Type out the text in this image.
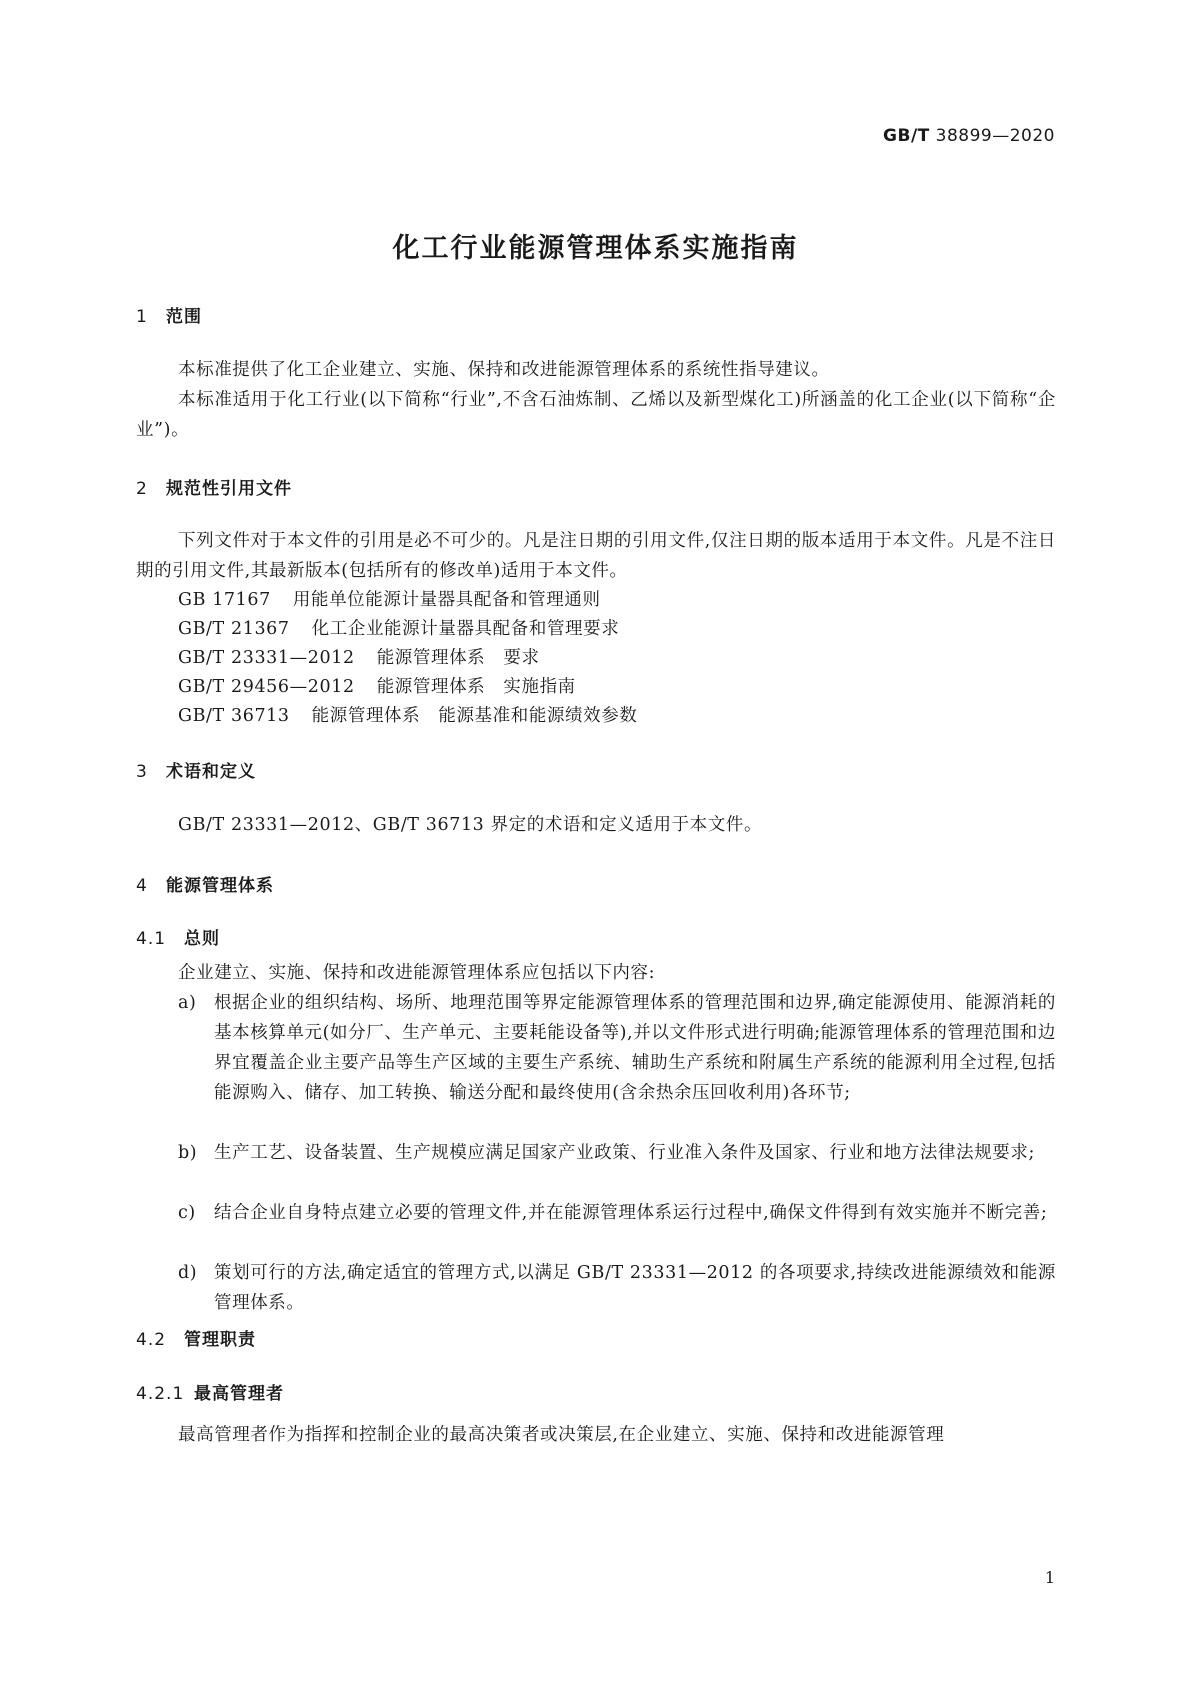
GB/T 38899—2020
化工行业能源管理体系实施指南
1 范围
本标准提供了化工企业建立、实施、保持和改进能源管理体系的系统性指导建议。
本标准适用于化工行业(以下简称“行业”,不含石油炼制、乙烯以及新型煤化工)所涵盖的化工企业(以下简称“企业”)。
2 规范性引用文件
下列文件对于本文件的引用是必不可少的。凡是注日期的引用文件,仅注日期的版本适用于本文件。凡是不注日期的引用文件,其最新版本(包括所有的修改单)适用于本文件。
GB 17167 用能单位能源计量器具配备和管理通则
GB/T 21367 化工企业能源计量器具配备和管理要求
GB/T 23331—2012 能源管理体系　要求
GB/T 29456—2012 能源管理体系　实施指南
GB/T 36713 能源管理体系　能源基准和能源绩效参数
3 术语和定义
GB/T 23331—2012、GB/T 36713 界定的术语和定义适用于本文件。
4 能源管理体系
4.1 总则
企业建立、实施、保持和改进能源管理体系应包括以下内容:
a)	根据企业的组织结构、场所、地理范围等界定能源管理体系的管理范围和边界,确定能源使用、能源消耗的基本核算单元(如分厂、生产单元、主要耗能设备等),并以文件形式进行明确;能源管理体系的管理范围和边界宜覆盖企业主要产品等生产区域的主要生产系统、辅助生产系统和附属生产系统的能源利用全过程,包括能源购入、储存、加工转换、输送分配和最终使用(含余热余压回收利用)各环节;
b) 生产工艺、设备装置、生产规模应满足国家产业政策、行业准入条件及国家、行业和地方法律法规要求;
c)	结合企业自身特点建立必要的管理文件,并在能源管理体系运行过程中,确保文件得到有效实施并不断完善;
d) 策划可行的方法,确定适宜的管理方式,以满足 GB/T 23331—2012 的各项要求,持续改进能源绩效和能源管理体系。
4.2 管理职责
4.2.1 最高管理者
最高管理者作为指挥和控制企业的最高决策者或决策层,在企业建立、实施、保持和改进能源管理
1
